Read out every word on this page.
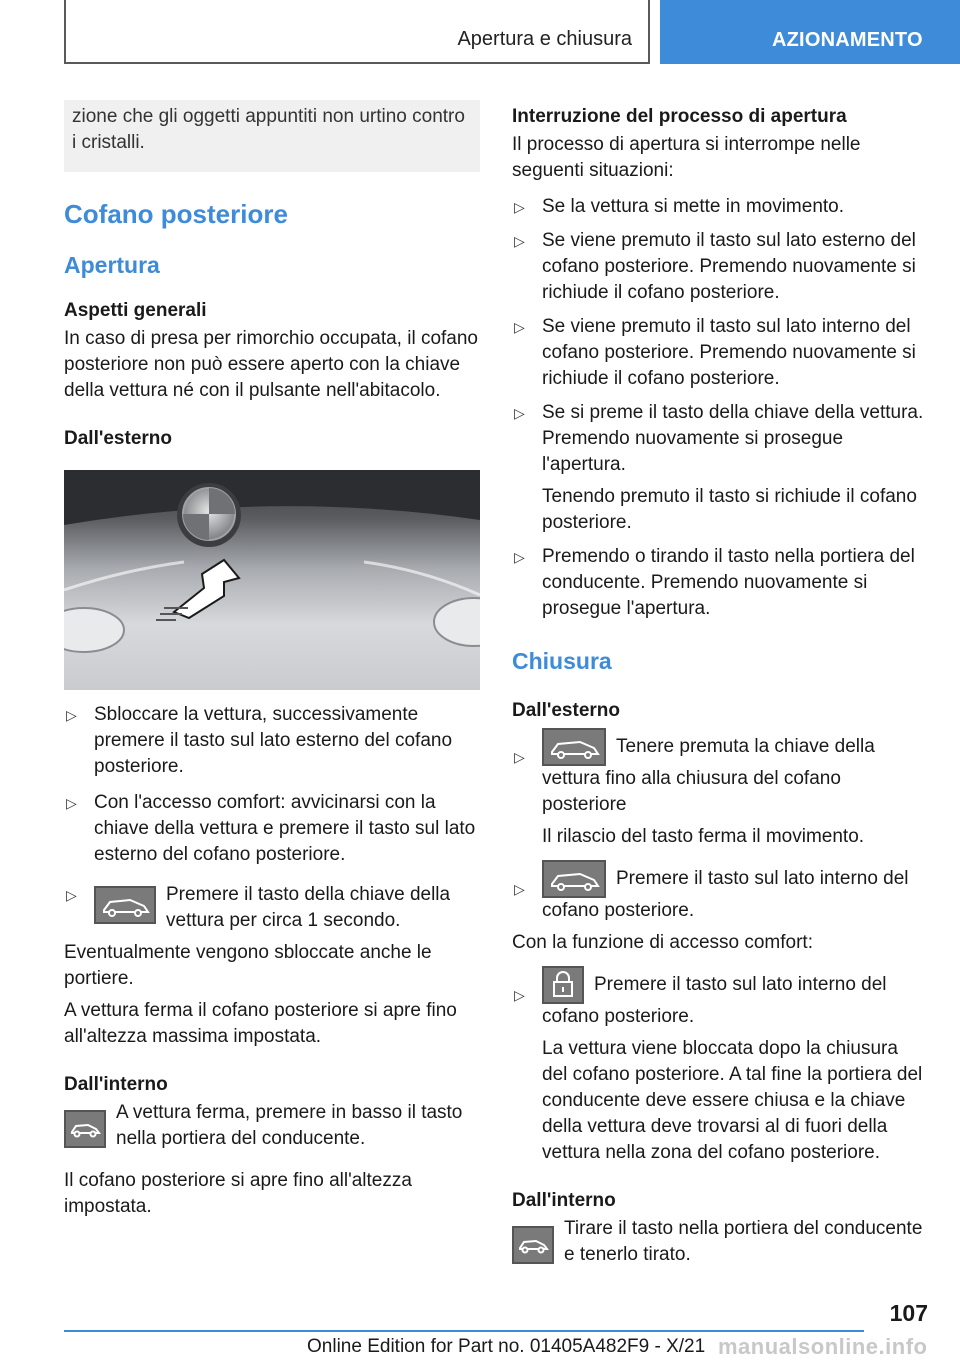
Apertura e chiusura	AZIONAMENTO

zione che gli oggetti appuntiti non urtino contro i cristalli.

Cofano posteriore
Apertura
Aspetti generali

In caso di presa per rimorchio occupata, il cofano posteriore non può essere aperto con la chiave della vettura né con il pulsante nell'abitacolo.

Dall'esterno
▷ Sbloccare la vettura, successivamente premere il tasto sul lato esterno del cofano posteriore.
▷ Con l'accesso comfort: avvicinarsi con la chiave della vettura e premere il tasto sul lato esterno del cofano posteriore.
▷	Premere il tasto della chiave della vettura per circa 1 secondo.

Eventualmente vengono sbloccate anche le portiere.

A vettura ferma il cofano posteriore si apre fino all'altezza massima impostata.

Dall'interno
A vettura ferma, premere in basso il tasto nella portiera del conducente.

Il cofano posteriore si apre fino all'altezza impostata.

Interruzione del processo di apertura

Il processo di apertura si interrompe nelle seguenti situazioni:

▷ Se la vettura si mette in movimento.
▷ Se viene premuto il tasto sul lato esterno del cofano posteriore. Premendo nuovamente si richiude il cofano posteriore.
▷ Se viene premuto il tasto sul lato interno del cofano posteriore. Premendo nuovamente si richiude il cofano posteriore.
▷ Se si preme il tasto della chiave della vettura. Premendo nuovamente si prosegue l'apertura.

Tenendo premuto il tasto si richiude il cofano posteriore.

▷ Premendo o tirando il tasto nella portiera del conducente. Premendo nuovamente si prosegue l'apertura.
Chiusura
Dall'esterno
▷	Tenere premuta la chiave della vettura fino alla chiusura del cofano posteriore

Il rilascio del tasto ferma il movimento.

▷	Premere il tasto sul lato interno del cofano posteriore.

Con la funzione di accesso comfort:

▷	Premere il tasto sul lato interno del cofano posteriore.

La vettura viene bloccata dopo la chiusura del cofano posteriore. A tal fine la portiera del conducente deve essere chiusa e la chiave della vettura deve trovarsi al di fuori della vettura nella zona del cofano posteriore.

Dall'interno
Tirare il tasto nella portiera del conducente e tenerlo tirato.
107
Online Edition for Part no. 01405A482F9 - X/21 manualsonline.info
